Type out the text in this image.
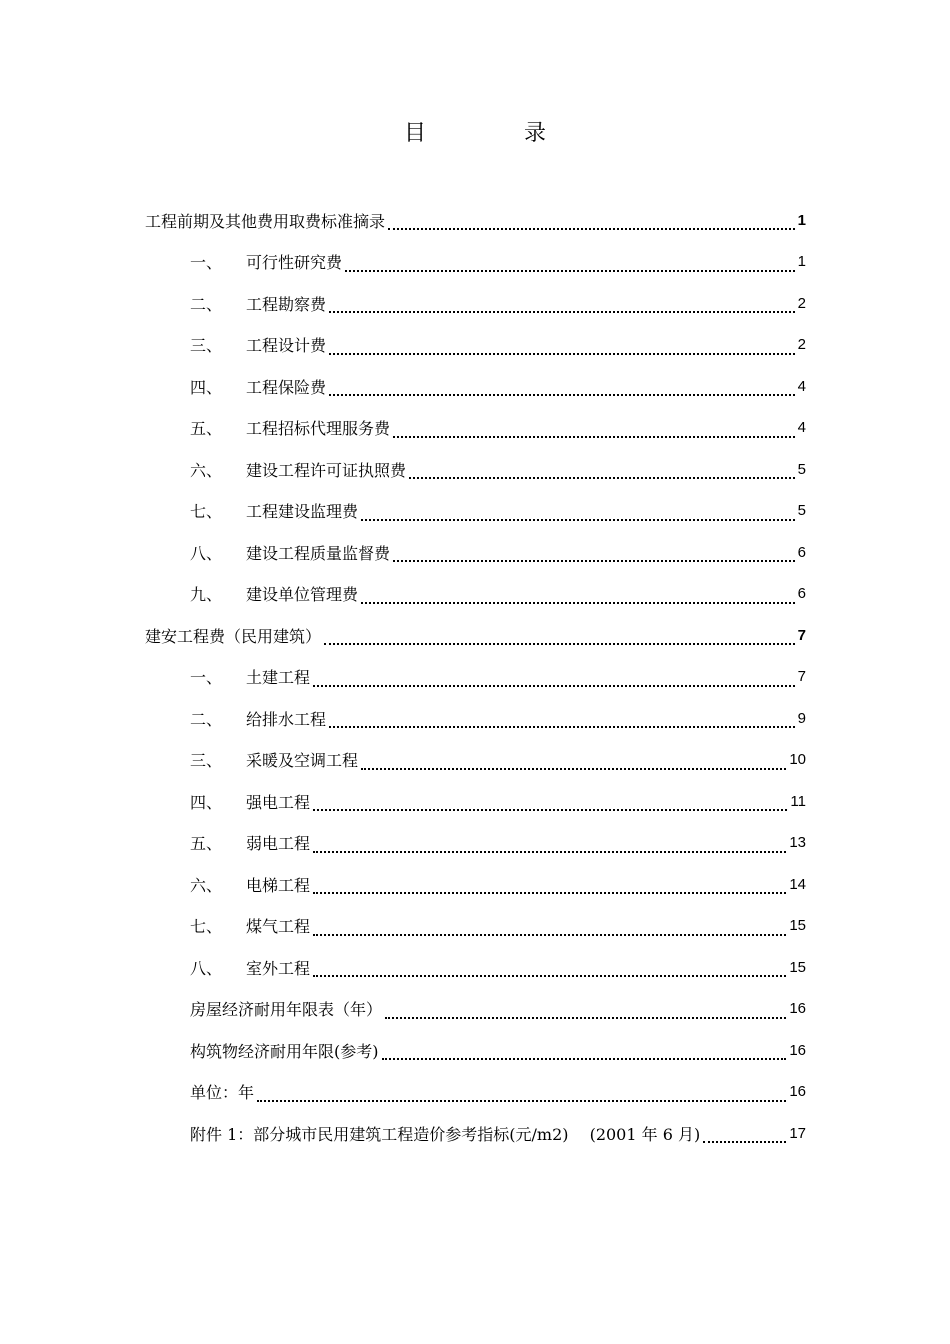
目　录
工程前期及其他费用取费标准摘录	1
一、	可行性研究费	1
二、	工程勘察费	2
三、	工程设计费	2
四、	工程保险费	4
五、	工程招标代理服务费	4
六、	建设工程许可证执照费	5
七、	工程建设监理费	5
八、	建设工程质量监督费	6
九、	建设单位管理费	6
建安工程费（民用建筑）	7
一、	土建工程	7
二、	给排水工程	9
三、	采暖及空调工程	10
四、	强电工程	11
五、	弱电工程	13
六、	电梯工程	14
七、	煤气工程	15
八、	室外工程	15
房屋经济耐用年限表（年）	16
构筑物经济耐用年限(参考)	16
单位：年	16
附件 1：部分城市民用建筑工程造价参考指标(元/m2)　 (2001 年 6 月)	17
